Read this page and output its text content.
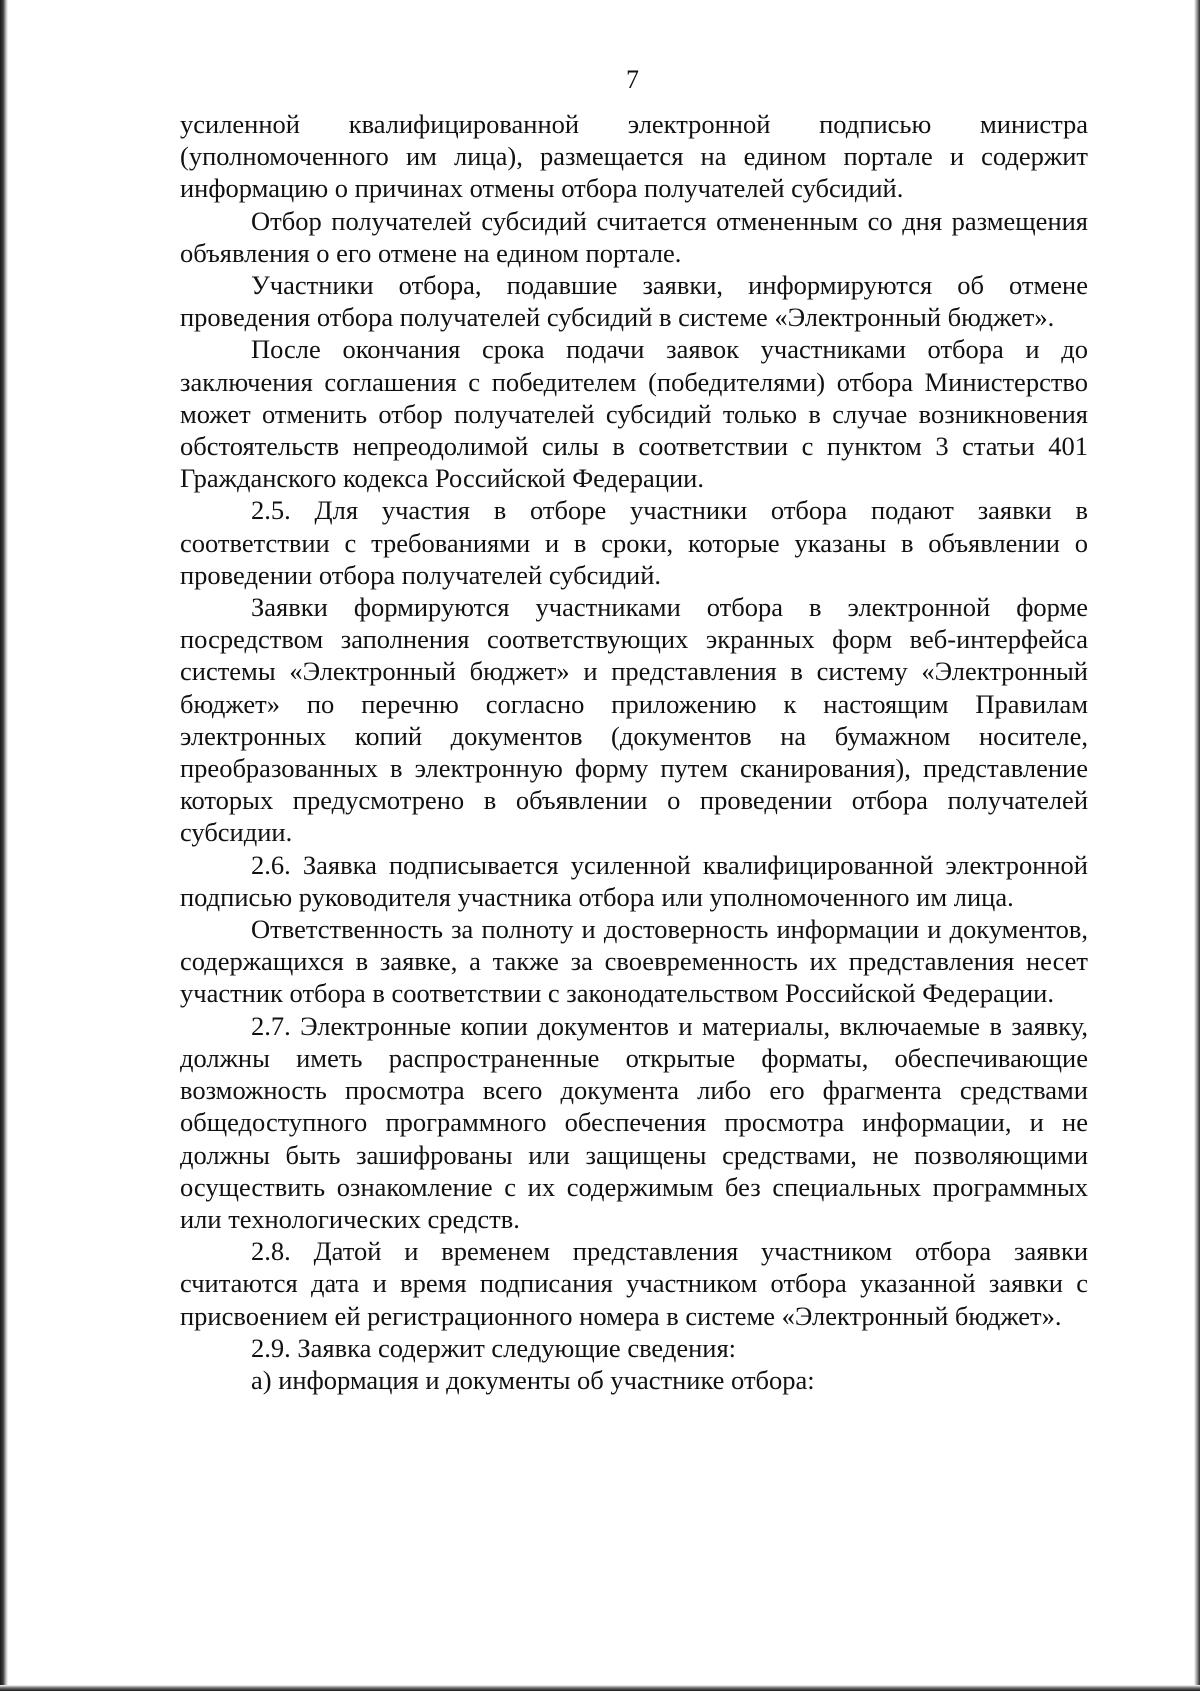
7

усиленной квалифицированной электронной подписью министра (уполномоченного им лица), размещается на едином портале и содержит информацию о причинах отмены отбора получателей субсидий.

Отбор получателей субсидий считается отмененным со дня размещения объявления о его отмене на едином портале.

Участники отбора, подавшие заявки, информируются об отмене проведения отбора получателей субсидий в системе «Электронный бюджет».

После окончания срока подачи заявок участниками отбора и до заключения соглашения с победителем (победителями) отбора Министерство может отменить отбор получателей субсидий только в случае возникновения обстоятельств непреодолимой силы в соответствии с пунктом 3 статьи 401 Гражданского кодекса Российской Федерации.

2.5. Для участия в отборе участники отбора подают заявки в соответствии с требованиями и в сроки, которые указаны в объявлении о проведении отбора получателей субсидий.

Заявки формируются участниками отбора в электронной форме посредством заполнения соответствующих экранных форм веб-интерфейса системы «Электронный бюджет» и представления в систему «Электронный бюджет» по перечню согласно приложению к настоящим Правилам электронных копий документов (документов на бумажном носителе, преобразованных в электронную форму путем сканирования), представление которых предусмотрено в объявлении о проведении отбора получателей субсидии.

2.6. Заявка подписывается усиленной квалифицированной электронной подписью руководителя участника отбора или уполномоченного им лица.

Ответственность за полноту и достоверность информации и документов, содержащихся в заявке, а также за своевременность их представления несет участник отбора в соответствии с законодательством Российской Федерации.

2.7. Электронные копии документов и материалы, включаемые в заявку, должны иметь распространенные открытые форматы, обеспечивающие возможность просмотра всего документа либо его фрагмента средствами общедоступного программного обеспечения просмотра информации, и не должны быть зашифрованы или защищены средствами, не позволяющими осуществить ознакомление с их содержимым без специальных программных или технологических средств.

2.8. Датой и временем представления участником отбора заявки считаются дата и время подписания участником отбора указанной заявки с присвоением ей регистрационного номера в системе «Электронный бюджет».

2.9. Заявка содержит следующие сведения:

а) информация и документы об участнике отбора:
